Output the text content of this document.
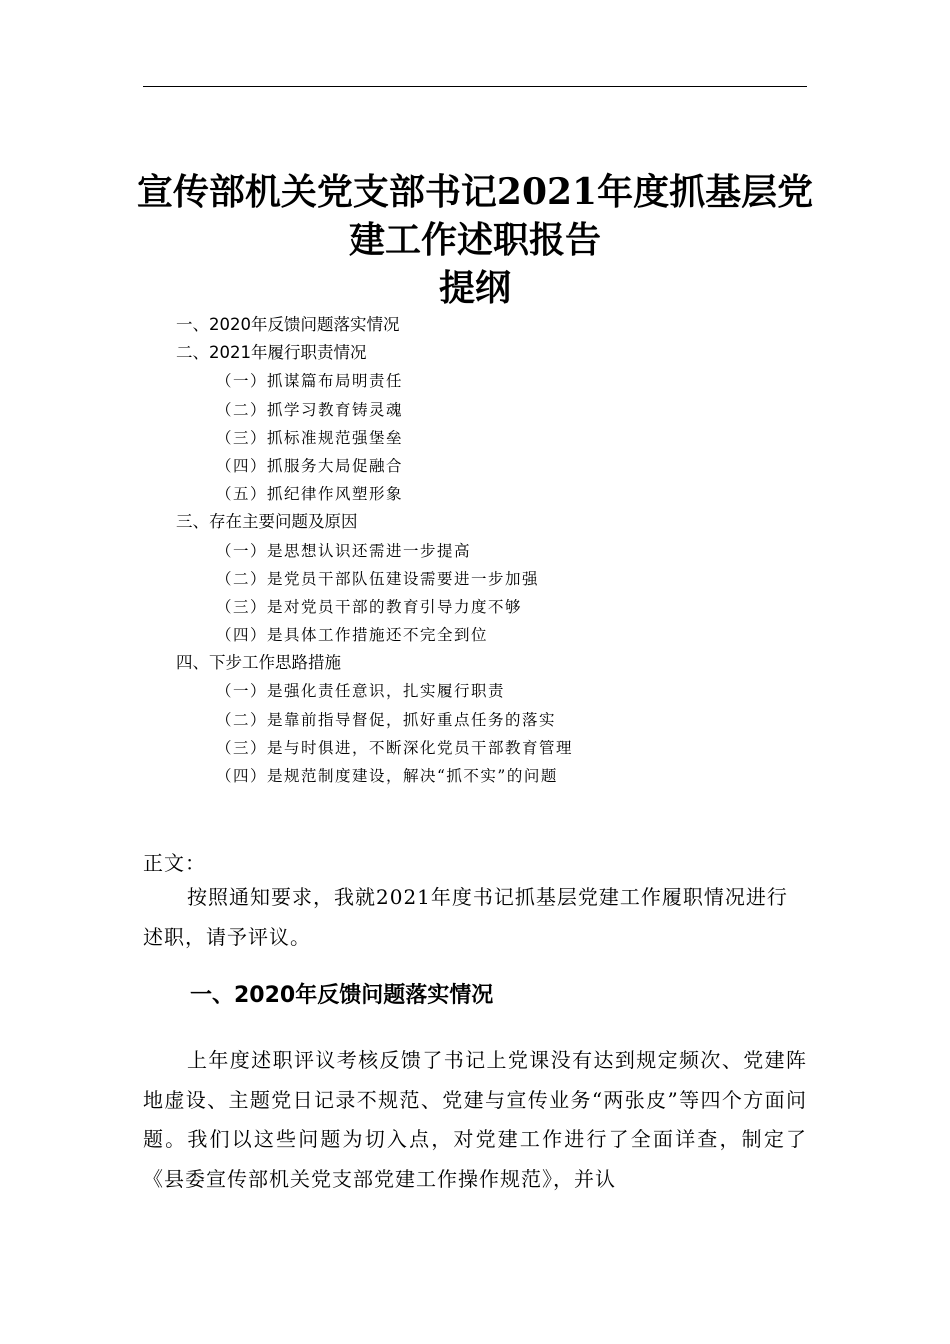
宣传部机关党支部书记2021年度抓基层党
建工作述职报告
提纲
一、2020年反馈问题落实情况
二、2021年履行职责情况
（一）抓谋篇布局明责任
（二）抓学习教育铸灵魂
（三）抓标准规范强堡垒
（四）抓服务大局促融合
（五）抓纪律作风塑形象
三、存在主要问题及原因
（一）是思想认识还需进一步提高
（二）是党员干部队伍建设需要进一步加强
（三）是对党员干部的教育引导力度不够
（四）是具体工作措施还不完全到位
四、下步工作思路措施
（一）是强化责任意识，扎实履行职责
（二）是靠前指导督促，抓好重点任务的落实
（三）是与时俱进，不断深化党员干部教育管理
（四）是规范制度建设，解决“抓不实”的问题
正文：
按照通知要求，我就2021年度书记抓基层党建工作履职情况进行述职，请予评议。
一、2020年反馈问题落实情况
上年度述职评议考核反馈了书记上党课没有达到规定频次、党建阵地虚设、主题党日记录不规范、党建与宣传业务“两张皮”等四个方面问题。我们以这些问题为切入点，对党建工作进行了全面详查，制定了《县委宣传部机关党支部党建工作操作规范》，并认
